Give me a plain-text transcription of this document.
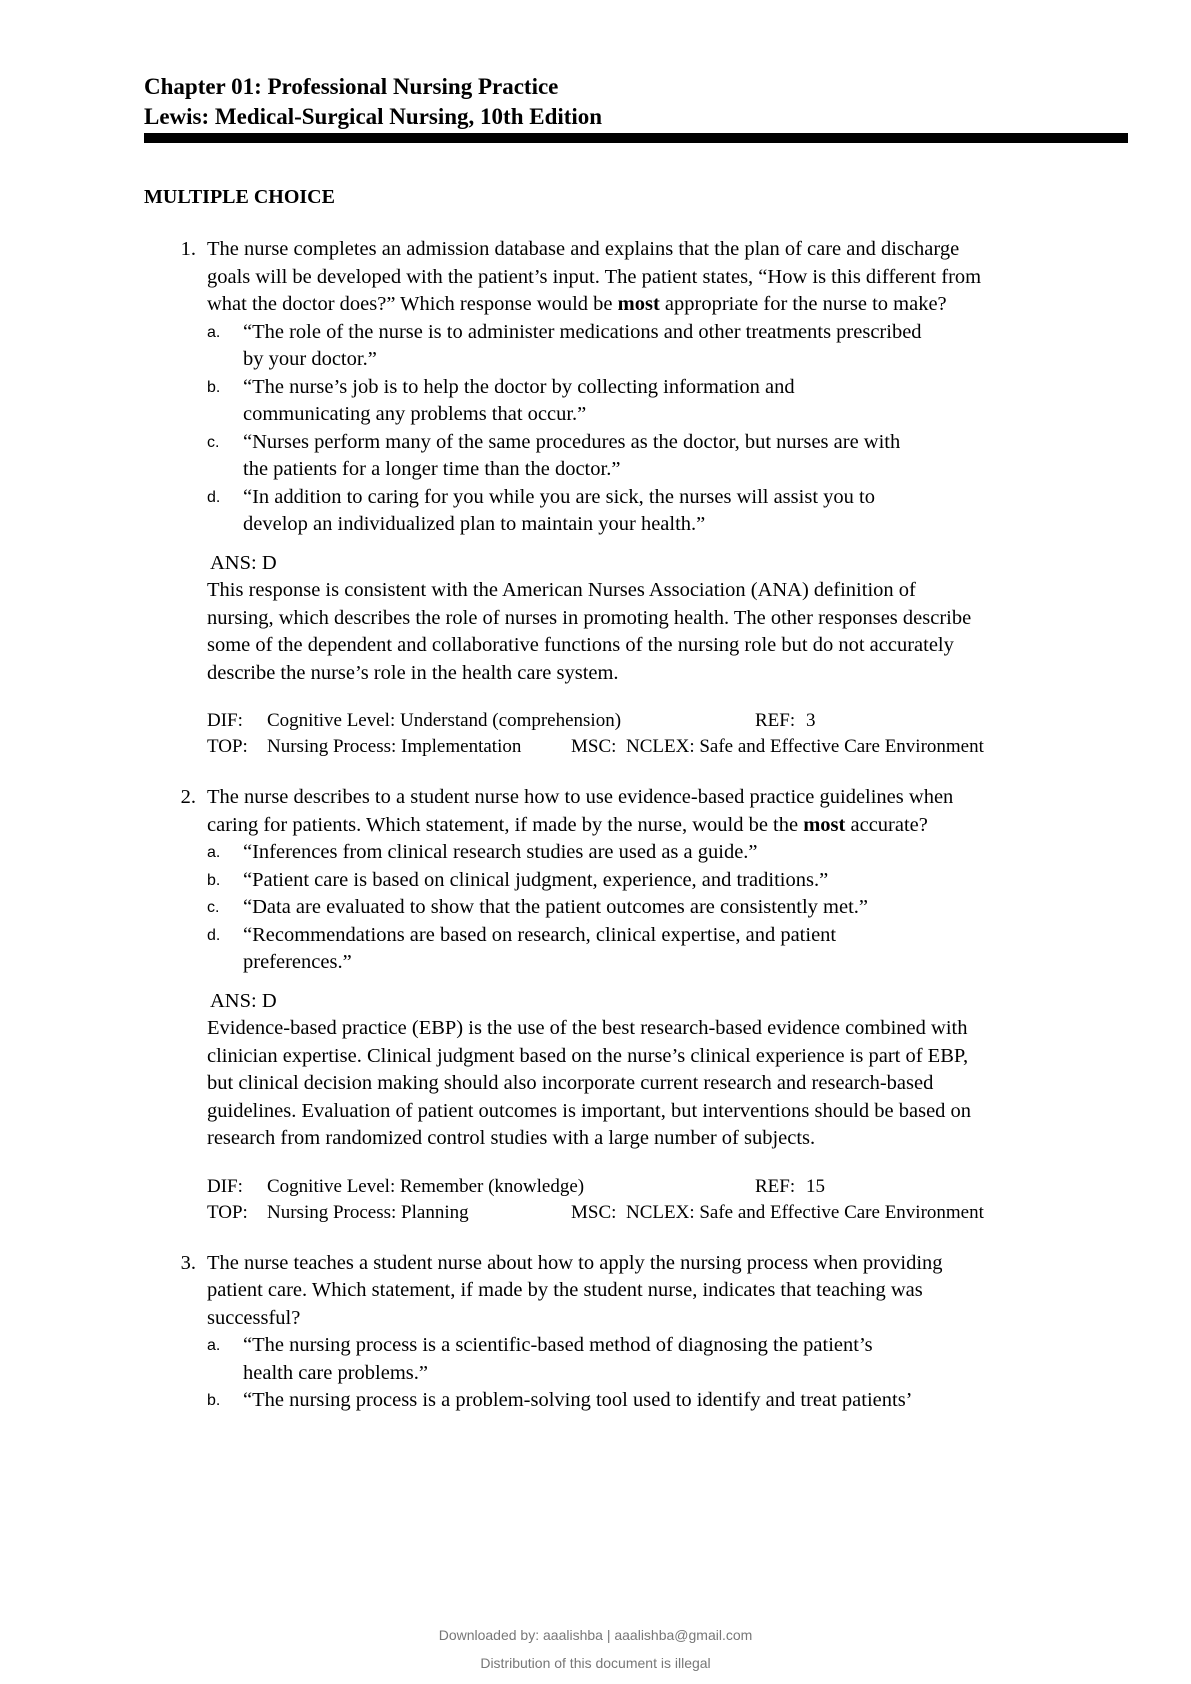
Chapter 01: Professional Nursing Practice
Lewis: Medical-Surgical Nursing, 10th Edition
MULTIPLE CHOICE
1. The nurse completes an admission database and explains that the plan of care and discharge
goals will be developed with the patient’s input. The patient states, “How is this different from
what the doctor does?” Which response would be most appropriate for the nurse to make?
a. “The role of the nurse is to administer medications and other treatments prescribed
by your doctor.”
b. “The nurse’s job is to help the doctor by collecting information and
communicating any problems that occur.”
c. “Nurses perform many of the same procedures as the doctor, but nurses are with
the patients for a longer time than the doctor.”
d. “In addition to caring for you while you are sick, the nurses will assist you to
develop an individualized plan to maintain your health.”
ANS: D
This response is consistent with the American Nurses Association (ANA) definition of
nursing, which describes the role of nurses in promoting health. The other responses describe
some of the dependent and collaborative functions of the nursing role but do not accurately
describe the nurse’s role in the health care system.
DIF: Cognitive Level: Understand (comprehension)	REF: 3
TOP: Nursing Process: Implementation	MSC: NCLEX: Safe and Effective Care Environment
2. The nurse describes to a student nurse how to use evidence-based practice guidelines when
caring for patients. Which statement, if made by the nurse, would be the most accurate?
a. “Inferences from clinical research studies are used as a guide.”
b. “Patient care is based on clinical judgment, experience, and traditions.”
c. “Data are evaluated to show that the patient outcomes are consistently met.”
d. “Recommendations are based on research, clinical expertise, and patient
preferences.”
ANS: D
Evidence-based practice (EBP) is the use of the best research-based evidence combined with
clinician expertise. Clinical judgment based on the nurse’s clinical experience is part of EBP,
but clinical decision making should also incorporate current research and research-based
guidelines. Evaluation of patient outcomes is important, but interventions should be based on
research from randomized control studies with a large number of subjects.
DIF: Cognitive Level: Remember (knowledge)	REF: 15
TOP: Nursing Process: Planning	MSC: NCLEX: Safe and Effective Care Environment
3. The nurse teaches a student nurse about how to apply the nursing process when providing
patient care. Which statement, if made by the student nurse, indicates that teaching was
successful?
a. “The nursing process is a scientific-based method of diagnosing the patient’s
health care problems.”
b. “The nursing process is a problem-solving tool used to identify and treat patients’
Downloaded by: aaalishba | aaalishba@gmail.com
Distribution of this document is illegal
